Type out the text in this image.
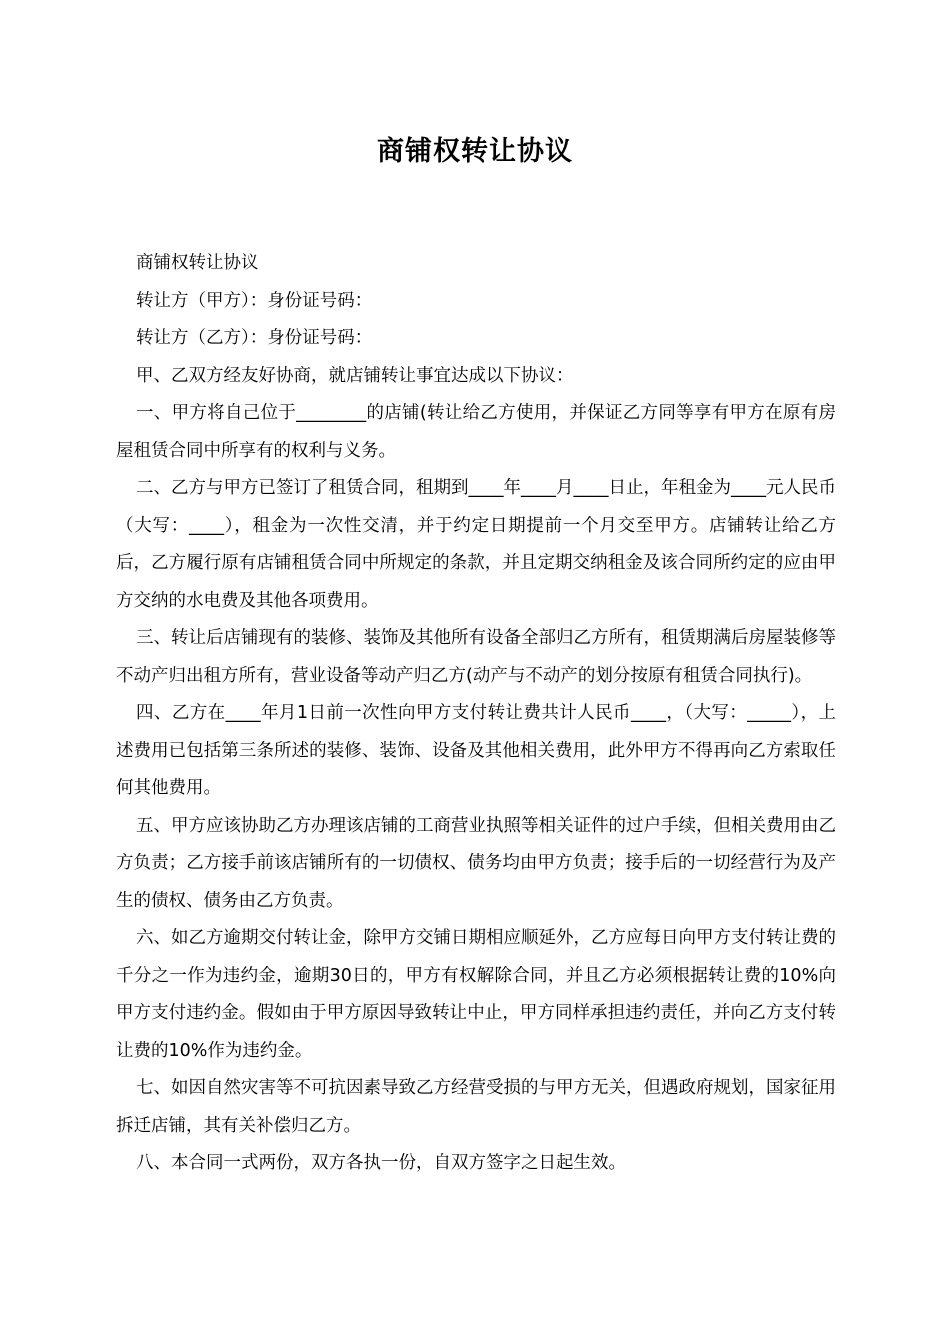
商铺权转让协议

商铺权转让协议

转让方（甲方）：身份证号码：

转让方（乙方）：身份证号码：

甲、乙双方经友好协商，就店铺转让事宜达成以下协议：

一、甲方将自己位于________的店铺(转让给乙方使用，并保证乙方同等享有甲方在原有房屋租赁合同中所享有的权利与义务。

二、乙方与甲方已签订了租赁合同，租期到____年____月____日止，年租金为____元人民币（大写：____），租金为一次性交清，并于约定日期提前一个月交至甲方。店铺转让给乙方后，乙方履行原有店铺租赁合同中所规定的条款，并且定期交纳租金及该合同所约定的应由甲方交纳的水电费及其他各项费用。

三、转让后店铺现有的装修、装饰及其他所有设备全部归乙方所有，租赁期满后房屋装修等不动产归出租方所有，营业设备等动产归乙方(动产与不动产的划分按原有租赁合同执行)。

四、乙方在____年月1日前一次性向甲方支付转让费共计人民币____，（大写：_____），上述费用已包括第三条所述的装修、装饰、设备及其他相关费用，此外甲方不得再向乙方索取任何其他费用。

五、甲方应该协助乙方办理该店铺的工商营业执照等相关证件的过户手续，但相关费用由乙方负责；乙方接手前该店铺所有的一切债权、债务均由甲方负责；接手后的一切经营行为及产生的债权、债务由乙方负责。

六、如乙方逾期交付转让金，除甲方交铺日期相应顺延外，乙方应每日向甲方支付转让费的千分之一作为违约金，逾期30日的，甲方有权解除合同，并且乙方必须根据转让费的10%向甲方支付违约金。假如由于甲方原因导致转让中止，甲方同样承担违约责任，并向乙方支付转让费的10%作为违约金。

七、如因自然灾害等不可抗因素导致乙方经营受损的与甲方无关，但遇政府规划，国家征用拆迁店铺，其有关补偿归乙方。

八、本合同一式两份，双方各执一份，自双方签字之日起生效。
